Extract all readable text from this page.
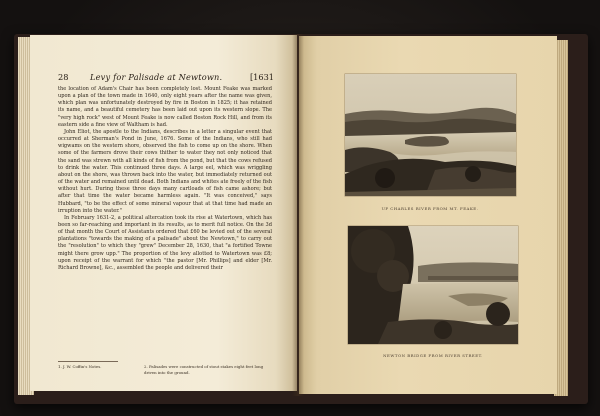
28	Levy for Palisade at Newtown.	[1631

the location of Adam's Chair has been completely lost. Mount Feake was marked upon a plan of the town made in 1640, only eight years after the name was given, which plan was unfortunately destroyed by fire in Boston in 1825; it has retained its name, and a beautiful cemetery has been laid out upon its western slope. The "very high rock" west of Mount Feake is now called Boston Rock Hill, and from its eastern side a fine view of Waltham is had.

John Eliot, the apostle to the Indians, describes in a letter a singular event that occurred at Sherman's Pond in June, 1676. Some of the Indians, who still had wigwams on the western shore, observed the fish to come up on the shore. When some of the farmers drove their cows thither to water they not only noticed that the sand was strewn with all kinds of fish from the pond, but that the cows refused to drink the water. This continued three days. A large eel, which was wriggling about on the shore, was thrown back into the water, but immediately returned out of the water and remained until dead. Both Indians and whites ate freely of the fish without hurt. During these three days many cartloads of fish came ashore; but after that time the water became harmless again. "It was conceived," says Hubbard, "to be the effect of some mineral vapour that at that time had made an irruption into the water."

In February 1631-2, a political altercation took its rise at Watertown, which has been so far-reaching and important in its results, as to merit full notice. On the 3d of that month the Court of Assistants ordered that £60 be levied out of the several plantations "towards the making of a palisade" about the Newtown," to carry out the "resolution" to which they "grew" December 28, 1630, that "a fortified Towne might there grow upp." The proportion of the levy allotted to Watertown was £8; upon receipt of the warrant for which "the pastor [Mr. Phillips] and elder [Mr. Richard Browne], &c., assembled the people and delivered their

1. J. W. Coffin's Notes.	2. Palisades were constructed of stout stakes eight feet long driven into the ground.
UP CHARLES RIVER FROM MT. FEAKE.
NEWTON BRIDGE FROM RIVER STREET.
